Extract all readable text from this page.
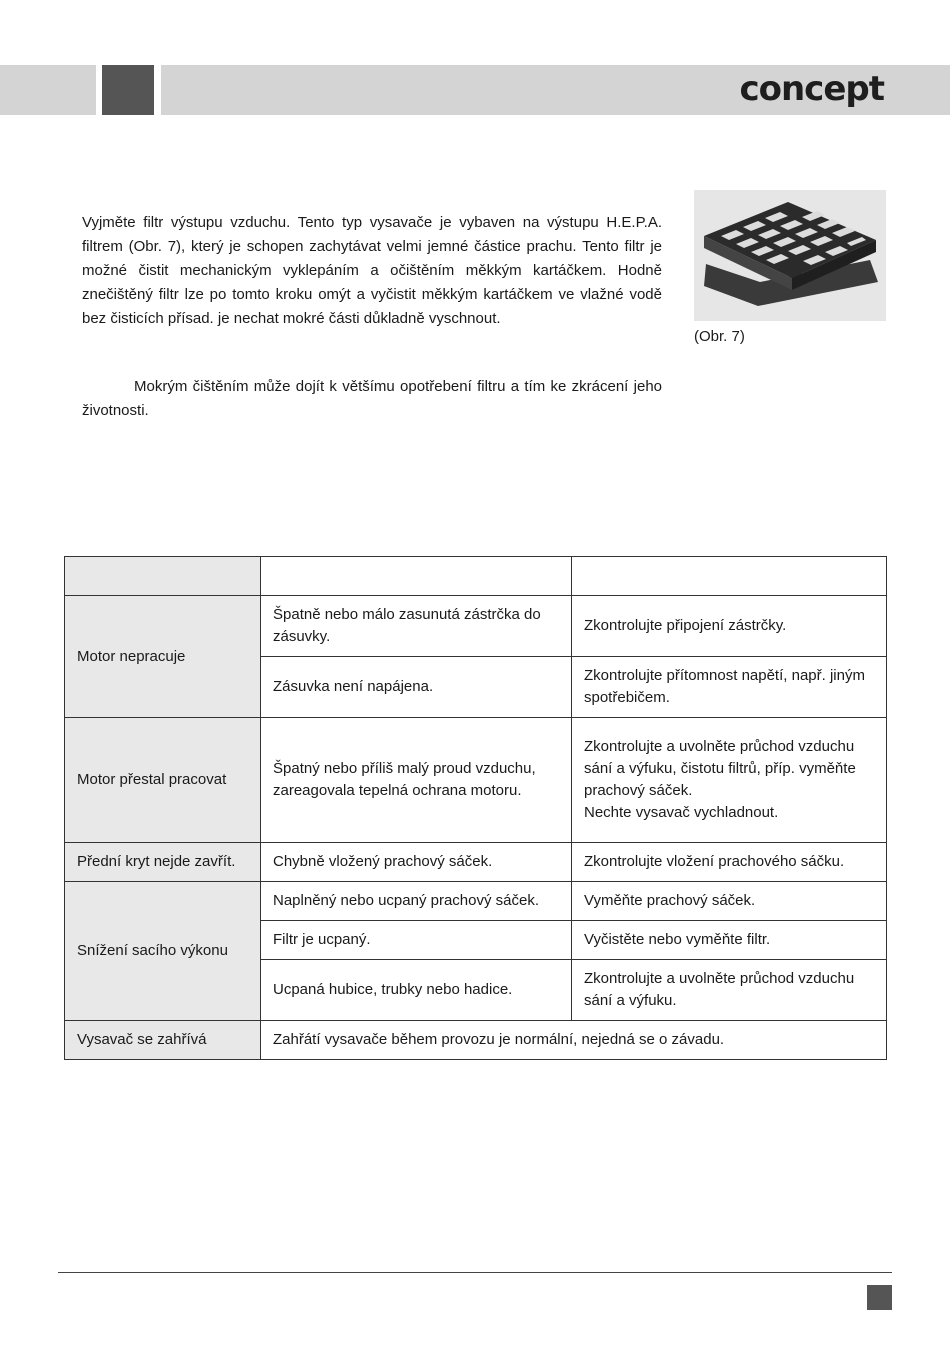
concept

Vyjměte filtr výstupu vzduchu. Tento typ vysavače je vybaven na výstupu H.E.P.A. filtrem (Obr. 7), který je schopen zachytávat velmi jemné částice prachu. Tento filtr je možné čistit mechanickým vyklepáním a očištěním měkkým kartáčkem. Hodně znečištěný filtr lze po tomto kroku omýt a vyčistit měkkým kartáčkem ve vlažné vodě bez čisticích přísad. je nechat mokré části důkladně vyschnout.

Mokrým čištěním může dojít k většímu opotřebení filtru a tím ke zkrácení jeho životnosti.

(Obr. 7)

Motor nepracuje	Špatně nebo málo zasunutá zástrčka do zásuvky.	Zkontrolujte připojení zástrčky.
	Zásuvka není napájena.	Zkontrolujte přítomnost napětí, např. jiným spotřebičem.
Motor přestal pracovat	Špatný nebo příliš malý proud vzduchu, zareagovala tepelná ochrana motoru.	Zkontrolujte a uvolněte průchod vzduchu sání a výfuku, čistotu filtrů, příp. vyměňte prachový sáček.
Nechte vysavač vychladnout.

Přední kryt nejde zavřít.	Chybně vložený prachový sáček.	Zkontrolujte vložení prachového sáčku.
Snížení sacího výkonu	Naplněný nebo ucpaný prachový sáček.	Vyměňte prachový sáček.
	Filtr je ucpaný.	Vyčistěte nebo vyměňte filtr.
	Ucpaná hubice, trubky nebo hadice.	Zkontrolujte a uvolněte průchod vzduchu sání a výfuku.
Vysavač se zahřívá	Zahřátí vysavače během provozu je normální, nejedná se o závadu.	
